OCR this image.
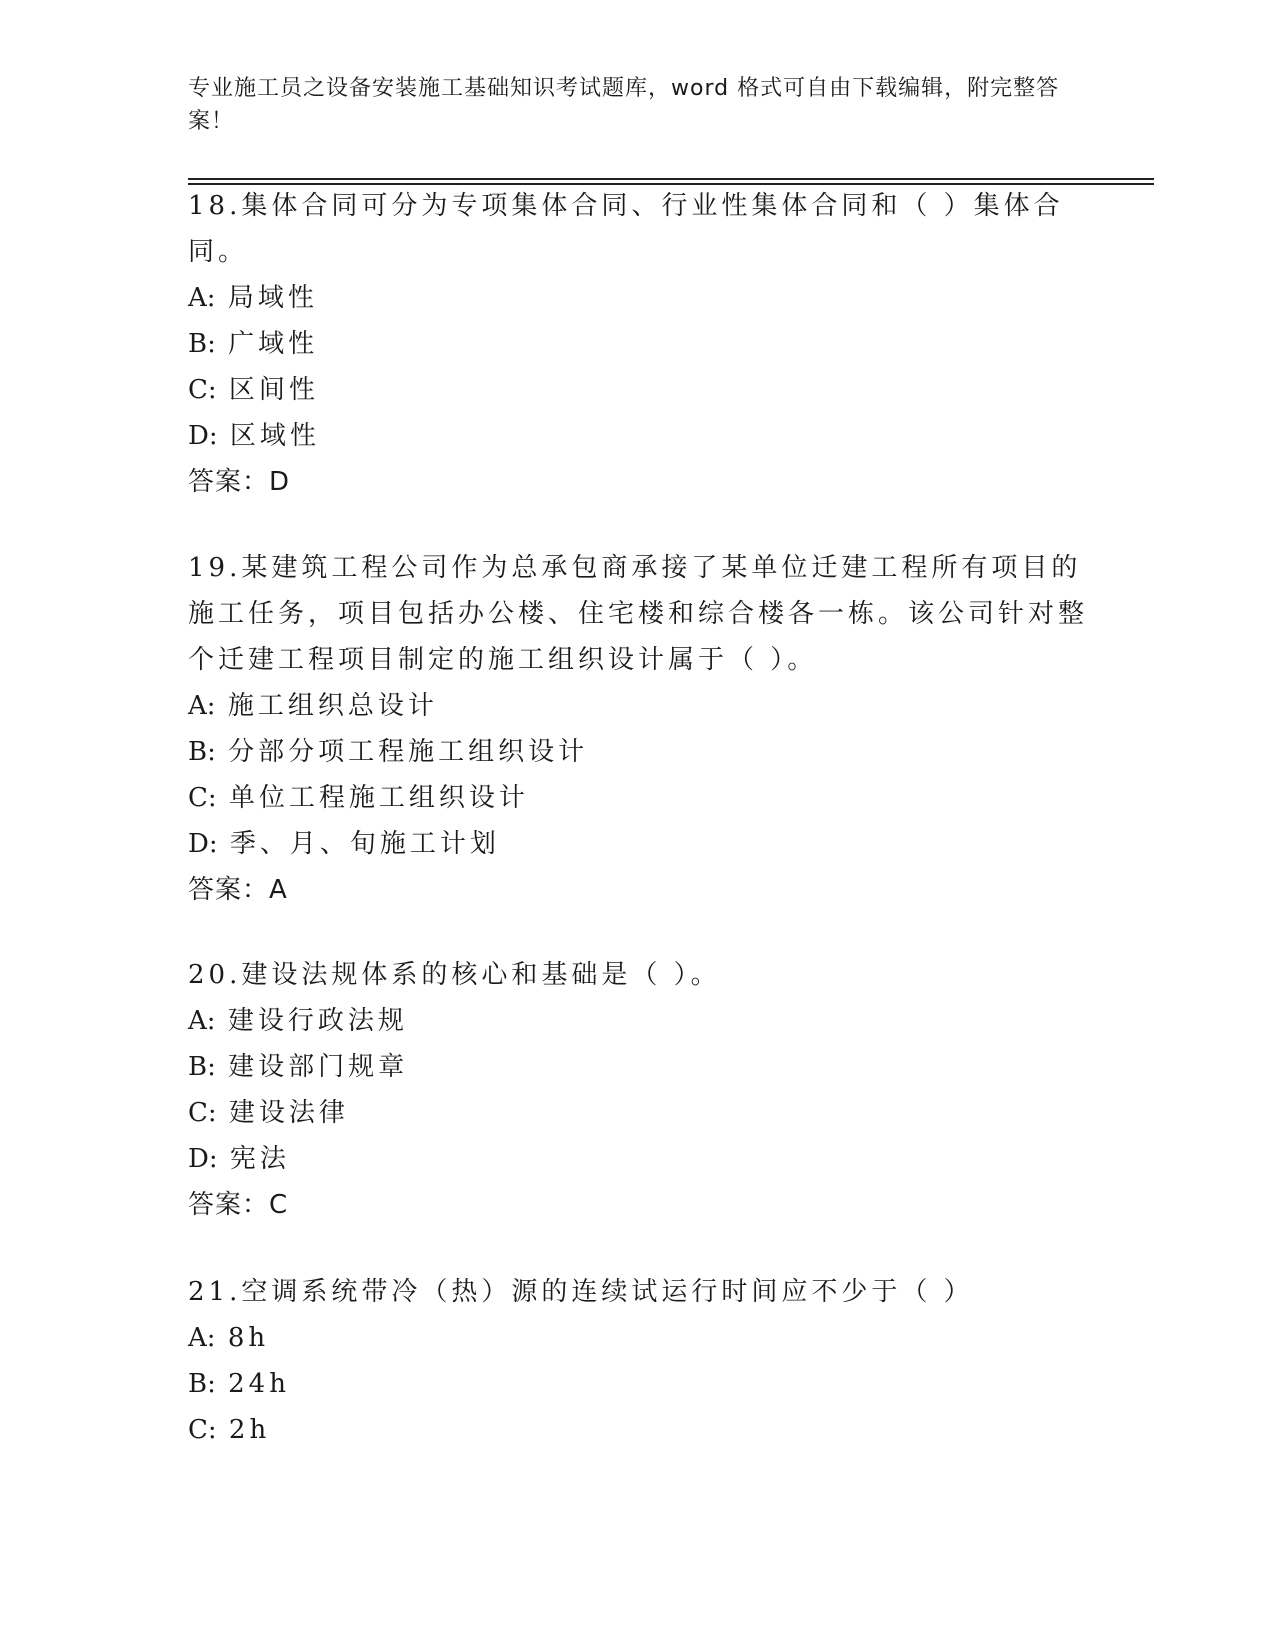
专业施工员之设备安装施工基础知识考试题库，word 格式可自由下载编辑，附完整答案！

18.集体合同可分为专项集体合同、行业性集体合同和（ ）集体合同。

A: 局域性

B: 广域性

C: 区间性

D: 区域性

答案：D

19.某建筑工程公司作为总承包商承接了某单位迁建工程所有项目的施工任务，项目包括办公楼、住宅楼和综合楼各一栋。该公司针对整个迁建工程项目制定的施工组织设计属于（ ）。

A: 施工组织总设计

B: 分部分项工程施工组织设计

C: 单位工程施工组织设计

D: 季、月、旬施工计划

答案：A

20.建设法规体系的核心和基础是（ ）。

A: 建设行政法规

B: 建设部门规章

C: 建设法律

D: 宪法

答案：C

21.空调系统带冷（热）源的连续试运行时间应不少于（ ）

A: 8h

B: 24h

C: 2h
